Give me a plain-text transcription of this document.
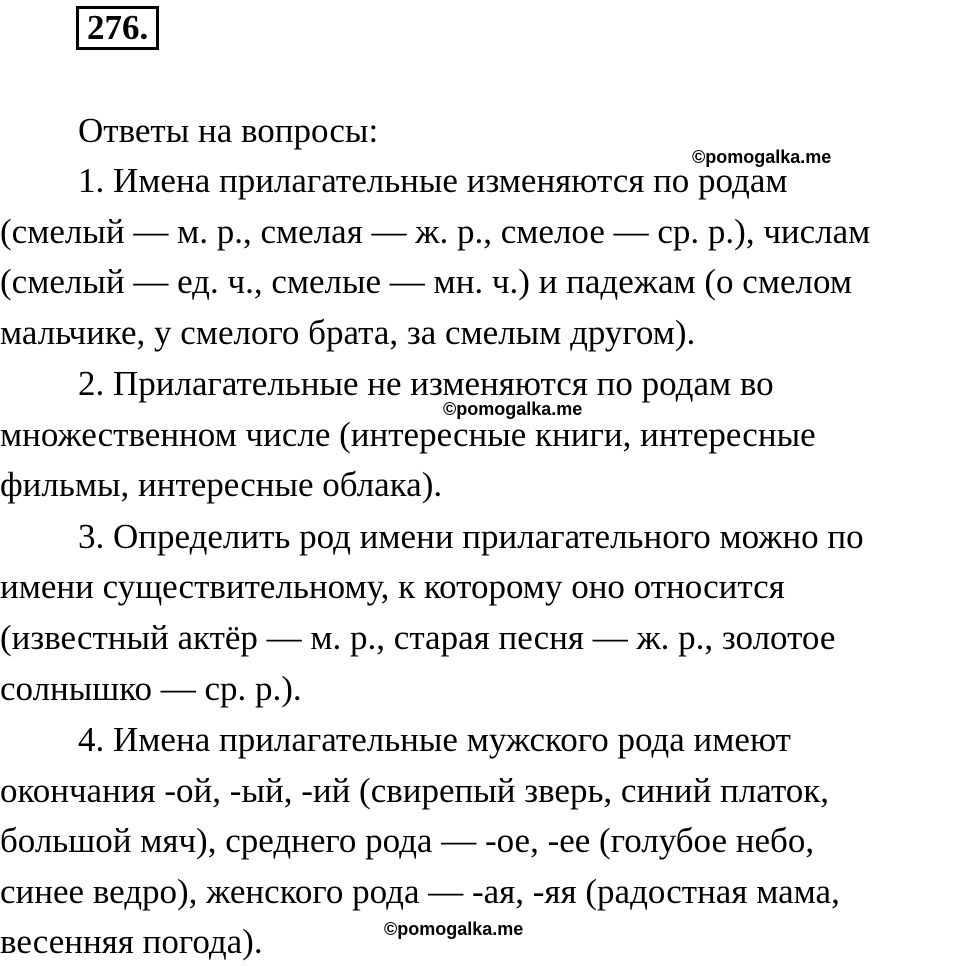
276.
Ответы на вопросы:
1. Имена прилагательные изменяются по родам
(смелый — м. р., смелая — ж. р., смелое — ср. р.), числам
(смелый — ед. ч., смелые — мн. ч.) и падежам (о смелом
мальчике, у смелого брата, за смелым другом).
2. Прилагательные не изменяются по родам во
множественном числе (интересные книги, интересные
фильмы, интересные облака).
3. Определить род имени прилагательного можно по
имени существительному, к которому оно относится
(известный актёр — м. р., старая песня — ж. р., золотое
солнышко — ср. р.).
4. Имена прилагательные мужского рода имеют
окончания -ой, -ый, -ий (свирепый зверь, синий платок,
большой мяч), среднего рода — -ое, -ее (голубое небо,
синее ведро), женского рода — -ая, -яя (радостная мама,
весенняя погода).
©pomogalka.me
©pomogalka.me
©pomogalka.me
